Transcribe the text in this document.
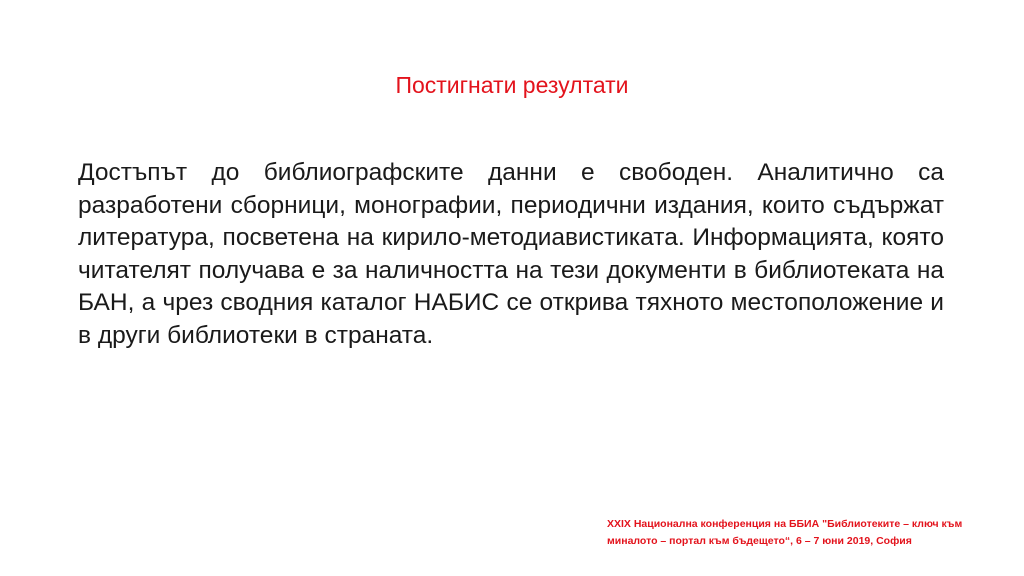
Постигнати резултати

Достъпът до библиографските данни е свободен. Аналитично са разработени сборници, монографии, периодични издания, които съдържат литература, посветена на кирило-методиавистиката. Информацията, която читателят получава е за наличността на тези документи в библиотеката на БАН, а чрез сводния каталог НАБИС се открива тяхното местоположение и в други библиотеки в страната.

XXIX Национална конференция на ББИА "Библиотеките – ключ към
миналото – портал към бъдещето“, 6 – 7 юни 2019, София
